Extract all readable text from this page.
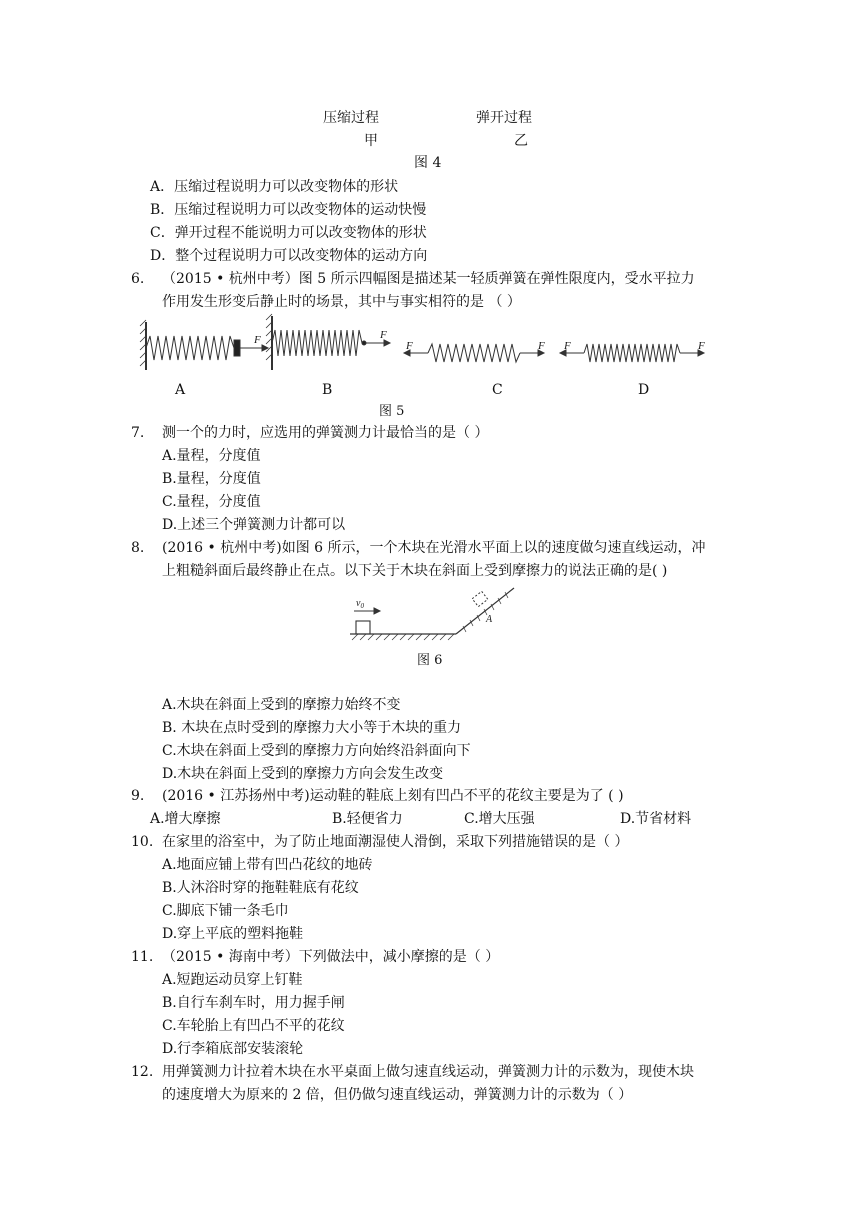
压缩过程	弹开过程
甲	乙
图 4
A．压缩过程说明力可以改变物体的形状
B．压缩过程说明力可以改变物体的运动快慢
C．弹开过程不能说明力可以改变物体的形状
D．整个过程说明力可以改变物体的运动方向
6. （2015 • 杭州中考）图 5 所示四幅图是描述某一轻质弹簧在弹性限度内，受水平拉力
作用发生形变后静止时的场景，其中与事实相符的是 （ ）
F	F
F	F F	F
A	B	C	D
图 5
7. 测一个的力时，应选用的弹簧测力计最恰当的是（ ）
A.量程，分度值
B.量程，分度值
C.量程，分度值
D.上述三个弹簧测力计都可以
8. (2016 • 杭州中考)如图 6 所示，一个木块在光滑水平面上以的速度做匀速直线运动，冲
上粗糙斜面后最终静止在点。以下关于木块在斜面上受到摩擦力的说法正确的是( )
$v_0$
A
图 6
A.木块在斜面上受到的摩擦力始终不变
B. 木块在点时受到的摩擦力大小等于木块的重力
C.木块在斜面上受到的摩擦力方向始终沿斜面向下
D.木块在斜面上受到的摩擦力方向会发生改变
9. (2016 • 江苏扬州中考)运动鞋的鞋底上刻有凹凸不平的花纹主要是为了 ( )
A.增大摩擦	B.轻便省力	C.增大压强	D.节省材料
10. 在家里的浴室中，为了防止地面潮湿使人滑倒，采取下列措施错误的是（ ）
A.地面应铺上带有凹凸花纹的地砖
B.人沐浴时穿的拖鞋鞋底有花纹
C.脚底下铺一条毛巾
D.穿上平底的塑料拖鞋
11. （2015 • 海南中考）下列做法中，减小摩擦的是（ ）
A.短跑运动员穿上钉鞋
B.自行车刹车时，用力握手闸
C.车轮胎上有凹凸不平的花纹
D.行李箱底部安装滚轮
12. 用弹簧测力计拉着木块在水平桌面上做匀速直线运动，弹簧测力计的示数为，现使木块
的速度增大为原来的 2 倍，但仍做匀速直线运动，弹簧测力计的示数为（ ）
